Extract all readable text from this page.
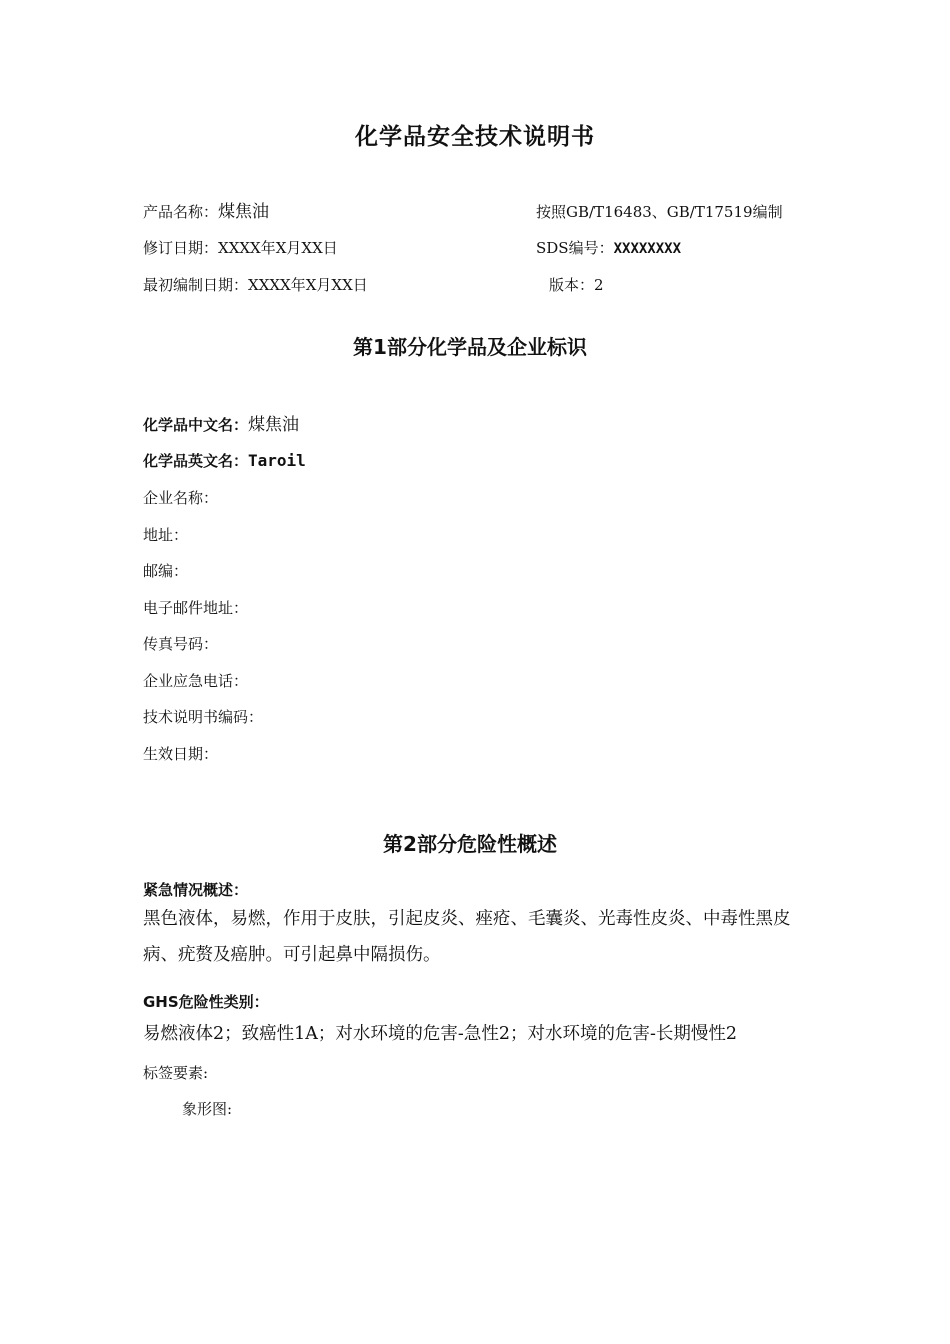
化学品安全技术说明书
产品名称：煤焦油	按照GB/T16483、GB/T17519编制
修订日期：XXXX年X月XX日	SDS编号：XXXXXXXX
最初编制日期：XXXX年X月XX日	版本：2
第1部分化学品及企业标识
化学品中文名：煤焦油
化学品英文名：Taroil
企业名称：
地址：
邮编：
电子邮件地址：
传真号码：
企业应急电话：
技术说明书编码：
生效日期：
第2部分危险性概述
紧急情况概述：
黑色液体，易燃，作用于皮肤，引起皮炎、痤疮、毛囊炎、光毒性皮炎、中毒性黑皮病、疣赘及癌肿。可引起鼻中隔损伤。
GHS危险性类别：
易燃液体2；致癌性1A；对水环境的危害-急性2；对水环境的危害-长期慢性2
标签要素:
象形图:
